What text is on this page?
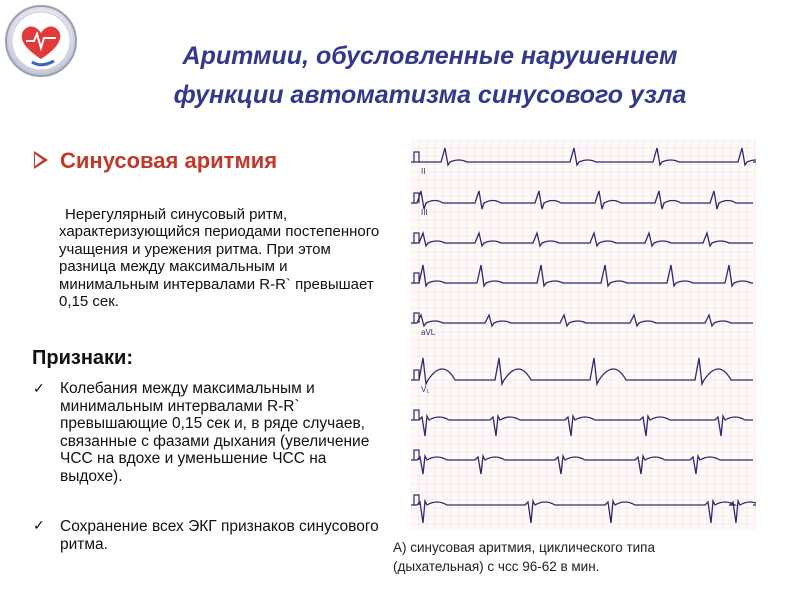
Аритмии, обусловленные нарушением
функции автоматизма синусового узла
Синусовая аритмия
Нерегулярный синусовый ритм, характеризующийся периодами постепенного учащения и урежения ритма. При этом разница между максимальным и минимальным интервалами R-R` превышает 0,15 сек.
Признаки:
✓ Колебания между максимальным и минимальным интервалами R-R` превышающие 0,15 сек и, в ряде случаев, связанные с фазами дыхания (увеличение ЧСС на вдохе и уменьшение ЧСС на выдохе).
✓ Сохранение всех ЭКГ признаков синусового ритма.
II
III
aVL
V₁
А) синусовая аритмия, циклического типа
(дыхательная) с чсс 96-62 в мин.
